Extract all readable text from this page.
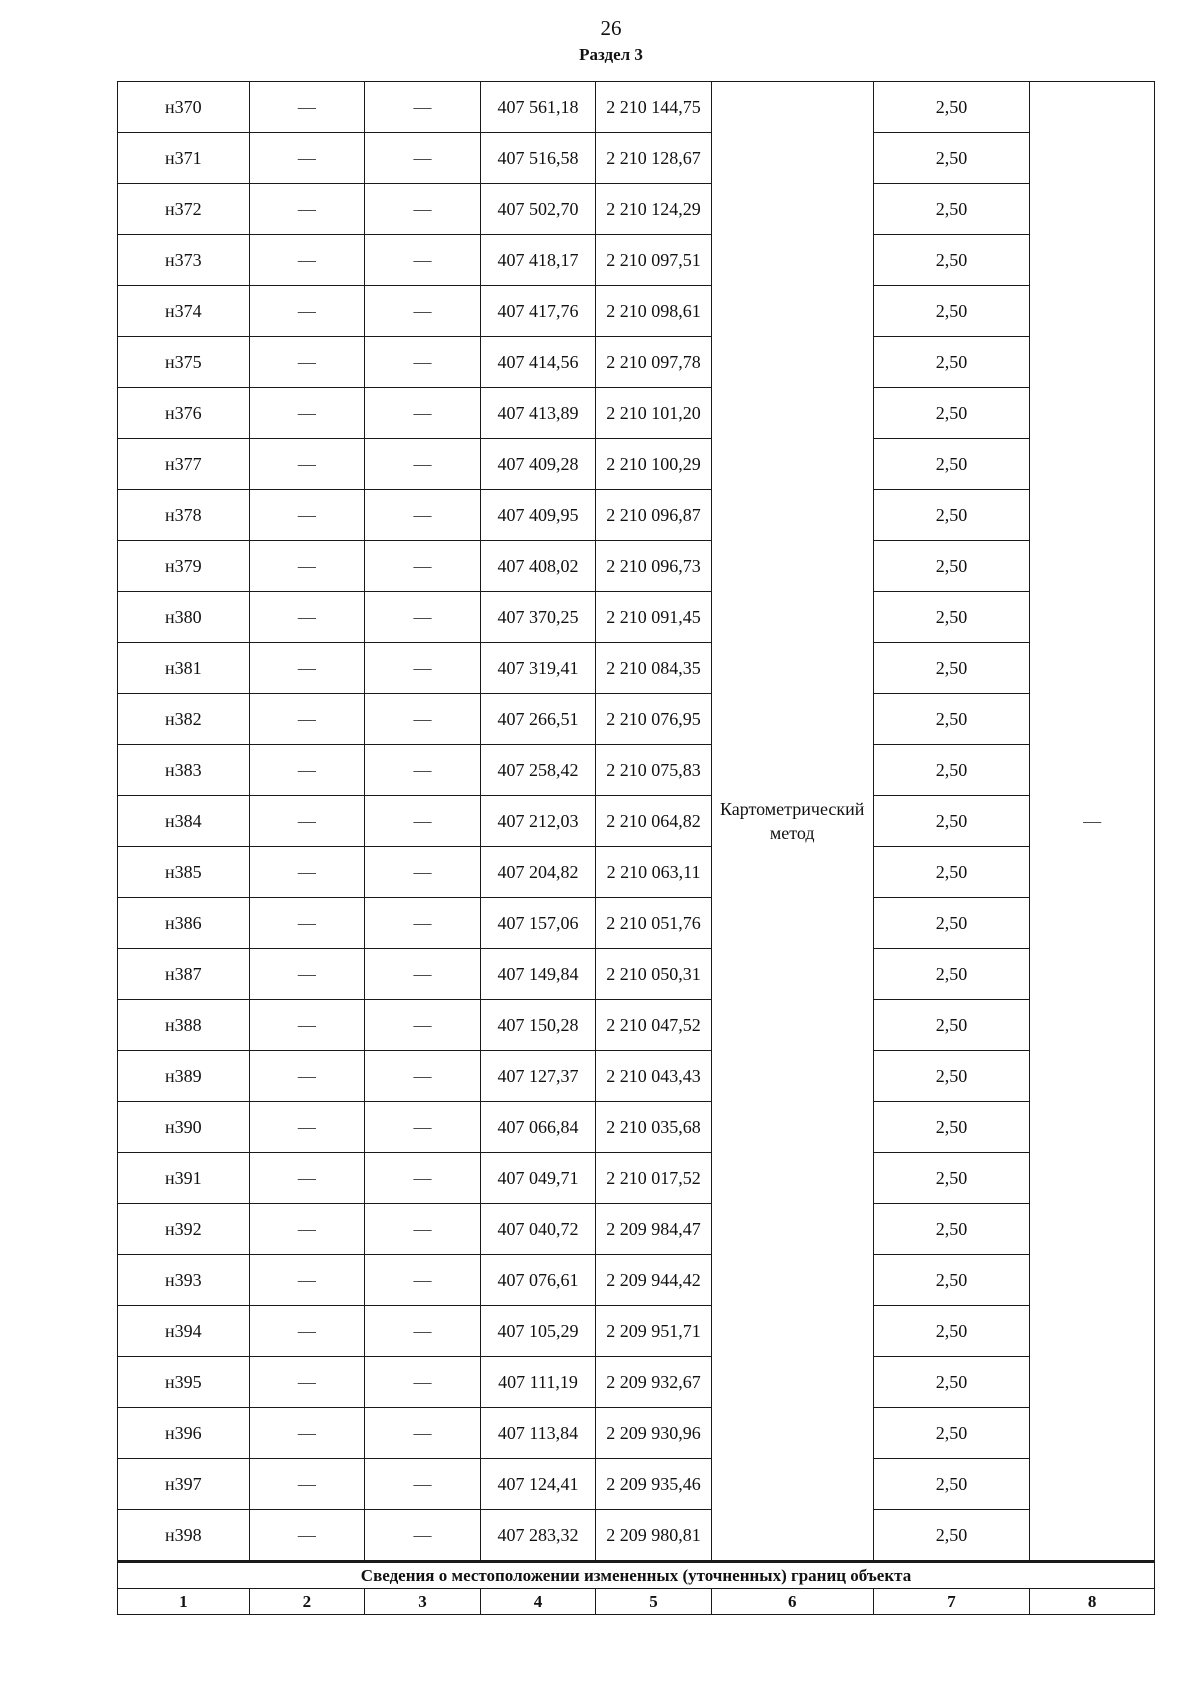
26
Раздел 3
н370	—	—	407 561,18	2 210 144,75	Картометрический метод	2,50	—
н371	—	—	407 516,58	2 210 128,67		2,50	
н372	—	—	407 502,70	2 210 124,29		2,50	
н373	—	—	407 418,17	2 210 097,51		2,50	
н374	—	—	407 417,76	2 210 098,61		2,50	
н375	—	—	407 414,56	2 210 097,78		2,50	
н376	—	—	407 413,89	2 210 101,20		2,50	
н377	—	—	407 409,28	2 210 100,29		2,50	
н378	—	—	407 409,95	2 210 096,87		2,50	
н379	—	—	407 408,02	2 210 096,73		2,50	
н380	—	—	407 370,25	2 210 091,45		2,50	
н381	—	—	407 319,41	2 210 084,35		2,50	
н382	—	—	407 266,51	2 210 076,95		2,50	
н383	—	—	407 258,42	2 210 075,83		2,50	
н384	—	—	407 212,03	2 210 064,82		2,50	
н385	—	—	407 204,82	2 210 063,11		2,50	
н386	—	—	407 157,06	2 210 051,76		2,50	
н387	—	—	407 149,84	2 210 050,31		2,50	
н388	—	—	407 150,28	2 210 047,52		2,50	
н389	—	—	407 127,37	2 210 043,43		2,50	
н390	—	—	407 066,84	2 210 035,68		2,50	
н391	—	—	407 049,71	2 210 017,52		2,50	
н392	—	—	407 040,72	2 209 984,47		2,50	
н393	—	—	407 076,61	2 209 944,42		2,50	
н394	—	—	407 105,29	2 209 951,71		2,50	
н395	—	—	407 111,19	2 209 932,67		2,50	
н396	—	—	407 113,84	2 209 930,96		2,50	
н397	—	—	407 124,41	2 209 935,46		2,50	
н398	—	—	407 283,32	2 209 980,81		2,50	
Сведения о местоположении измененных (уточненных) границ объекта							
1	2	3	4	5	6	7	8
